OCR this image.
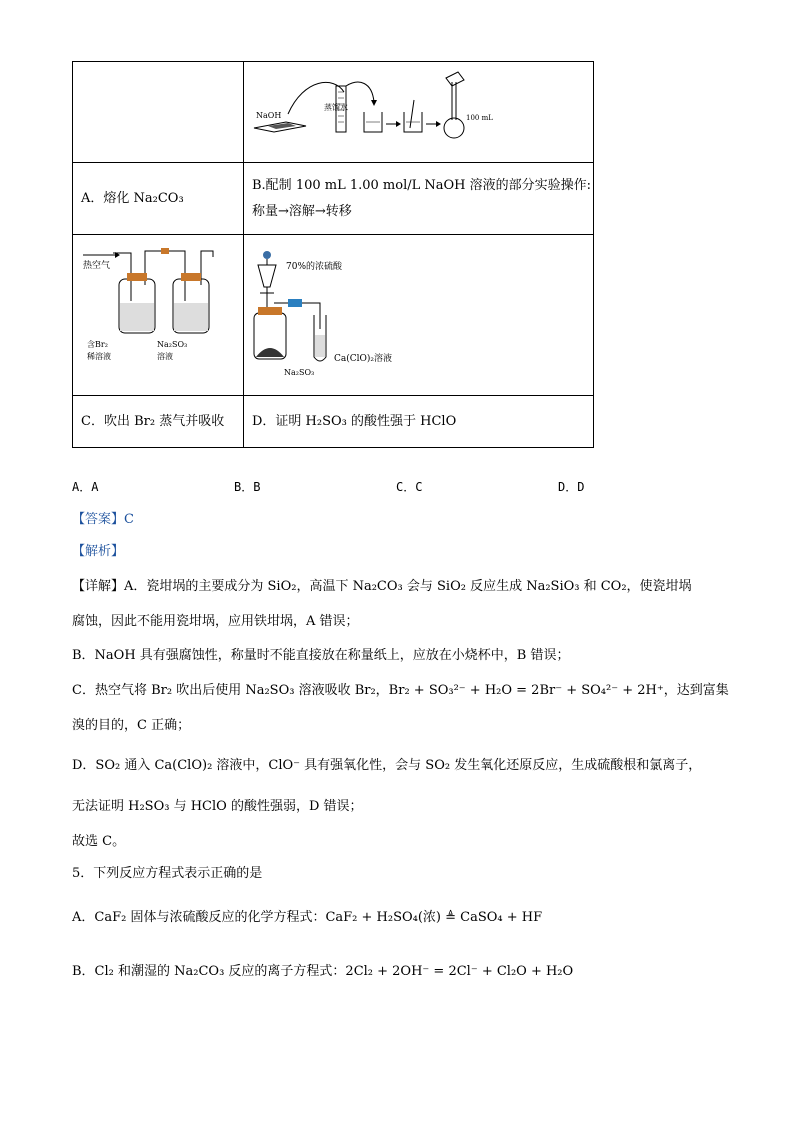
NaOH
蒸馏水
100 mL

A．熔化 Na₂CO₃	B.配制 100 mL 1.00 mol/L NaOH 溶液的部分实验操作:
称量→溶解→转移

热空气
含Br₂
稀溶液
Na₂SO₃
溶液	70%的浓硫酸
Na₂SO₃
Ca(ClO)₂溶液

C．吹出 Br₂ 蒸气并吸收	D．证明 H₂SO₃ 的酸性强于 HClO
A．A	B．B	C．C	D．D
【答案】C
【解析】
【详解】A．瓷坩埚的主要成分为 SiO₂，高温下 Na₂CO₃ 会与 SiO₂ 反应生成 Na₂SiO₃ 和 CO₂，使瓷坩埚
腐蚀，因此不能用瓷坩埚，应用铁坩埚，A 错误；
B．NaOH 具有强腐蚀性，称量时不能直接放在称量纸上，应放在小烧杯中，B 错误；
C．热空气将 Br₂ 吹出后使用 Na₂SO₃ 溶液吸收 Br₂，Br₂ + SO₃²⁻ + H₂O = 2Br⁻ + SO₄²⁻ + 2H⁺，达到富集
溴的目的，C 正确；
D．SO₂ 通入 Ca(ClO)₂ 溶液中，ClO⁻ 具有强氧化性，会与 SO₂ 发生氧化还原反应，生成硫酸根和氯离子，
无法证明 H₂SO₃ 与 HClO 的酸性强弱，D 错误；
故选 C。
5．下列反应方程式表示正确的是
A．CaF₂ 固体与浓硫酸反应的化学方程式：CaF₂ + H₂SO₄(浓) ≜ CaSO₄ + HF
B．Cl₂ 和潮湿的 Na₂CO₃ 反应的离子方程式：2Cl₂ + 2OH⁻ = 2Cl⁻ + Cl₂O + H₂O
